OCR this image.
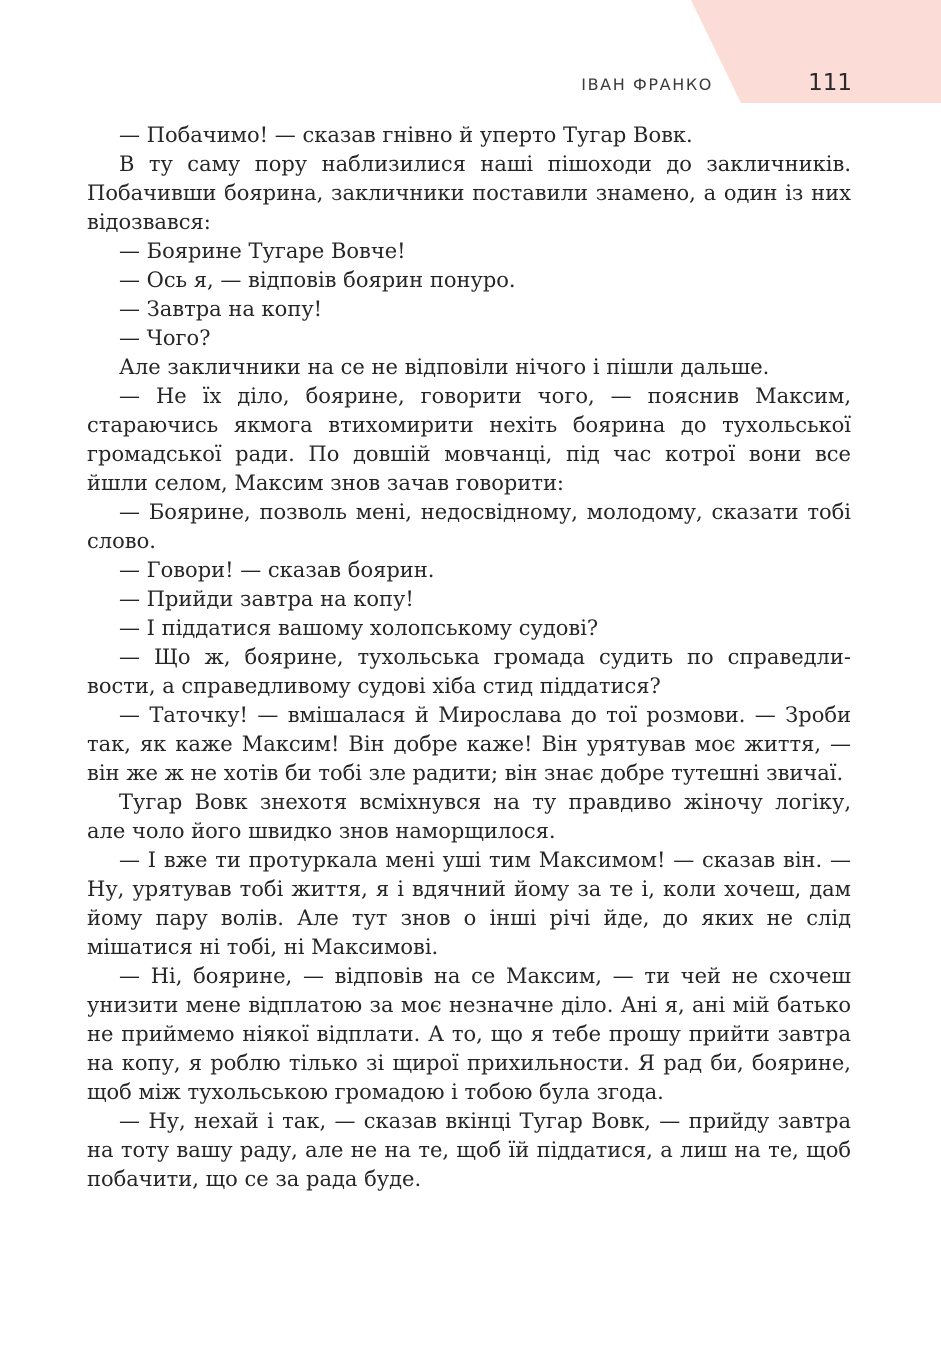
ІВАН ФРАНКО	111

— Побачимо! — сказав гнівно й уперто Тугар Вовк.

В ту саму пору наблизилися наші пішоходи до закличників. Побачивши боярина, закличники поставили знамено, а один із них відозвався:

— Бояринe Тугаре Вовче!

— Ось я, — відповів боярин понуро.

— Завтра на копу!

— Чого?

Але закличники на се не відповіли нічого і пішли дальше.

— Не їх діло, боярине, говорити чого, — пояснив Максим, стараючись якмога втихомирити нехіть боярина до тухольської громадської ради. По довшій мовчанці, під час котрої вони все йшли селом, Максим знов зачав говорити:

— Боярине, позволь мені, недосвідному, молодому, сказати тобі слово.

— Говори! — сказав боярин.

— Прийди завтра на копу!

— І піддатися вашому холопському судові?

— Що ж, боярине, тухольська громада судить по справедливости, а справедливому судові хіба стид піддатися?

— Таточку! — вмішалася й Мирослава до тої розмови. — Зроби так, як каже Максим! Він добре каже! Він урятував моє життя, — він же ж не хотів би тобі зле радити; він знає добре тутешні звичаї.

Тугар Вовк знехотя всміхнувся на ту правдиво жіночу логіку, але чоло його швидко знов наморщилося.

— І вже ти протуркала мені уші тим Максимом! — сказав він. — Ну, урятував тобі життя, я і вдячний йому за те і, коли хочеш, дам йому пару волів. Але тут знов о інші річі йде, до яких не слід мішатися ні тобі, ні Максимові.

— Ні, боярине, — відповів на се Максим, — ти чей не схочеш унизити мене відплатою за моє незначне діло. Ані я, ані мій батько не приймемо ніякої відплати. А то, що я тебе прошу прийти завтра на копу, я роблю тілько зі щирої прихильности. Я рад би, боярине, щоб між тухольською громадою і тобою була згода.

— Ну, нехай і так, — сказав вкінці Тугар Вовк, — прийду завтра на тоту вашу раду, але не на те, щоб їй піддатися, а лиш на те, щоб побачити, що се за рада буде.
